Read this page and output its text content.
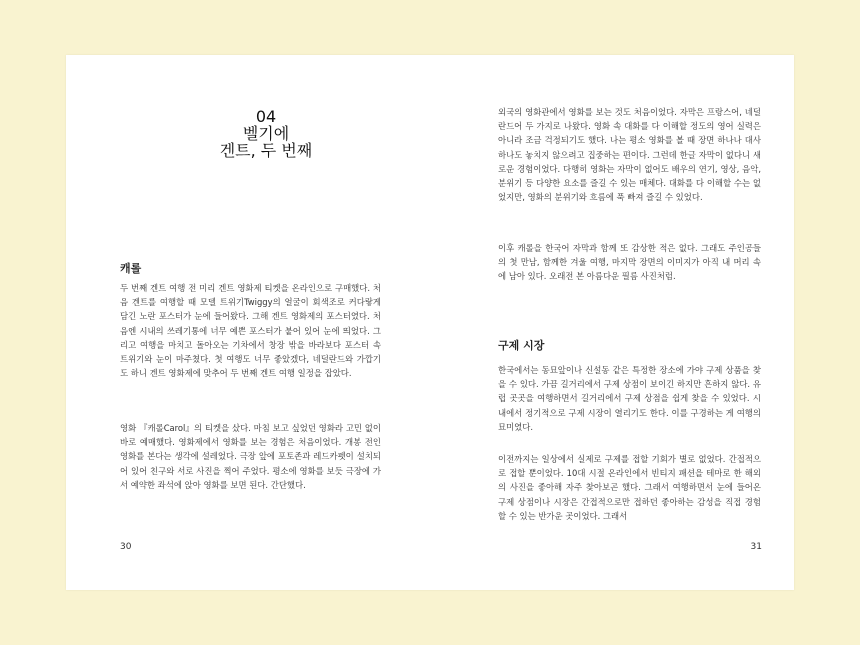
04
벨기에
겐트, 두 번째
캐롤

두 번째 겐트 여행 전 미리 겐트 영화제 티켓을 온라인으로 구매했다. 처음 겐트를 여행할 때 모델 트위기Twiggy의 얼굴이 회색조로 커다랗게 담긴 노란 포스터가 눈에 들어왔다. 그해 겐트 영화제의 포스터였다. 처음엔 시내의 쓰레기통에 너무 예쁜 포스터가 붙어 있어 눈에 띄었다. 그리고 여행을 마치고 돌아오는 기차에서 창장 밖을 바라보다 포스터 속 트위기와 눈이 마주쳤다. 첫 여행도 너무 좋았겠다, 네덜란드와 가깝기도 하니 겐트 영화제에 맞추어 두 번째 겐트 여행 일정을 잡았다.

영화 『캐롤Carol』의 티켓을 샀다. 마침 보고 싶었던 영화라 고민 없이 바로 예매했다. 영화제에서 영화를 보는 경험은 처음이었다. 개봉 전인 영화를 본다는 생각에 설레었다. 극장 앞에 포토존과 레드카펫이 설치되어 있어 친구와 서로 사진을 찍어 주었다. 평소에 영화를 보듯 극장에 가서 예약한 좌석에 앉아 영화를 보면 된다. 간단했다.

30

외국의 영화관에서 영화를 보는 것도 처음이었다. 자막은 프랑스어, 네덜란드어 두 가지로 나왔다. 영화 속 대화를 다 이해할 정도의 영어 실력은 아니라 조금 걱정되기도 했다. 나는 평소 영화를 볼 때 장면 하나나 대사 하나도 놓치지 않으려고 집중하는 편이다. 그런데 한글 자막이 없다니 새로운 경험이었다. 다행히 영화는 자막이 없어도 배우의 연기, 영상, 음악, 분위기 등 다양한 요소를 즐길 수 있는 매체다. 대화를 다 이해할 수는 없었지만, 영화의 분위기와 흐름에 푹 빠져 즐길 수 있었다.

이후 캐롤을 한국어 자막과 함께 또 감상한 적은 없다. 그래도 주인공들의 첫 만남, 함께한 겨울 여행, 마지막 장면의 이미지가 아직 내 머리 속에 남아 있다. 오래전 본 아름다운 필름 사진처럼.

구제 시장

한국에서는 동묘앞이나 신설동 같은 특정한 장소에 가야 구제 상품을 찾을 수 있다. 가끔 길거리에서 구제 상점이 보이긴 하지만 흔하지 않다. 유럽 곳곳을 여행하면서 길거리에서 구제 상점을 쉽게 찾을 수 있었다. 시내에서 정기적으로 구제 시장이 열리기도 한다. 이를 구경하는 게 여행의 묘미였다.

이전까지는 일상에서 실제로 구제를 접할 기회가 별로 없었다. 간접적으로 접할 뿐이었다. 10대 시절 온라인에서 빈티지 패션을 테마로 한 해외의 사진을 좋아해 자주 찾아보곤 했다. 그래서 여행하면서 눈에 들어온 구제 상점이나 시장은 간접적으로만 접하던 좋아하는 감성을 직접 경험할 수 있는 반가운 곳이었다. 그래서

31
